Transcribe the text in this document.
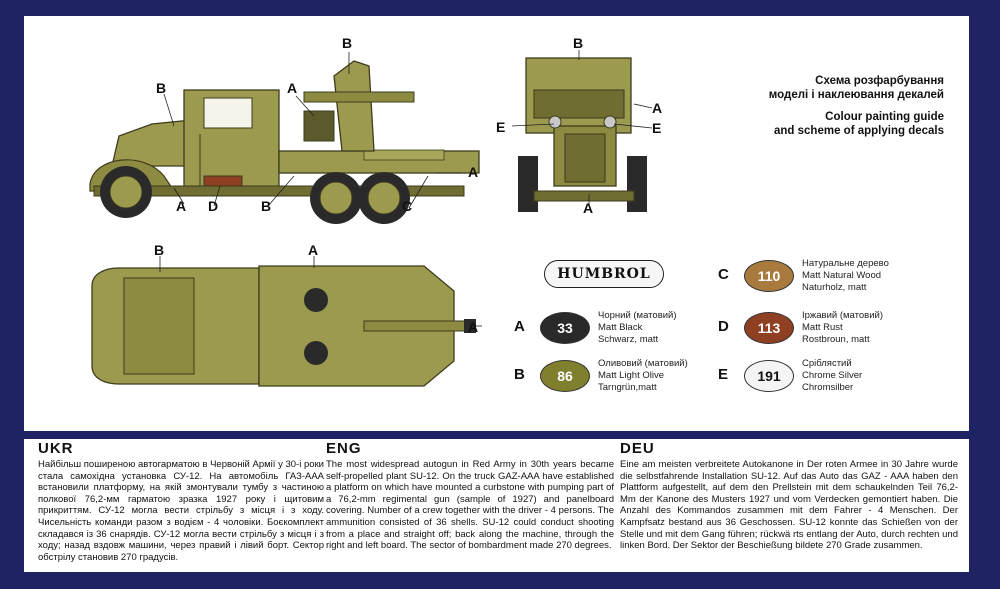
B
B
A
A D	B	C
A
B
A
E	E
A
B	A
A
Схема розфарбування
моделі і наклеювання декалей
Colour painting guide
and scheme of applying decals
HUMBROL
A	33
Чорний (матовий)
Matt Black
Schwarz, matt
B	86
Оливовий (матовий)
Matt Light Olive
Tarngrün,matt
C	110
Натуральне дерево
Matt Natural Wood
Naturholz, matt
D	113
Іржавий (матовий)
Matt Rust
Rostbroun, matt
E	191
Сріблястий
Chrome Silver
Chromsilber
UKR

Найбільш поширеною автогарматою в Червоній Армії у 30-і роки стала самохідна установка СУ-12. На автомобіль ГАЗ-ААА встановили платформу, на якій змонтували тумбу з частиною полкової 76,2-мм гарматою зразка 1927 року і щитовим прикриттям. СУ-12 могла вести стрільбу з місця і з ходу. Чисельність команди разом з водієм - 4 чоловіки. Боєкомплект складався із 36 снарядів. СУ-12 могла вести стрільбу з місця і з ходу; назад вздовж машини, через правий і лівий борт. Сектор обстрілу становив 270 градусів.

ENG

The most widespread autogun in Red Army in 30th years became self-propelled plant SU-12. On the truck GAZ-AAA have established a platform on which have mounted a curbstone with pumping part of a 76,2-mm regimental gun (sample of 1927) and panelboard covering. Number of a crew together with the driver - 4 persons. The ammunition consisted of 36 shells. SU-12 could conduct shooting from a place and straight off; back along the machine, through the right and left board. The sector of bombardment made 270 degrees.

DEU

Eine am meisten verbreitete Autokanone in Der roten Armee in 30 Jahre wurde die selbstfahrende Installation SU-12. Auf das Auto das GAZ - AAA haben den Plattform aufgestellt, auf dem den Prellstein mit dem schaukelnden Teil 76,2-Mm der Kanone des Musters 1927 und vom Verdecken gemontiert haben. Die Anzahl des Kommandos zusammen mit dem Fahrer - 4 Menschen. Der Kampfsatz bestand aus 36 Geschossen. SU-12 konnte das Schießen von der Stelle und mit dem Gang führen; rückwä rts entlang der Auto, durch rechten und linken Bord. Der Sektor der Beschießung bildete 270 Grade zusammen.
